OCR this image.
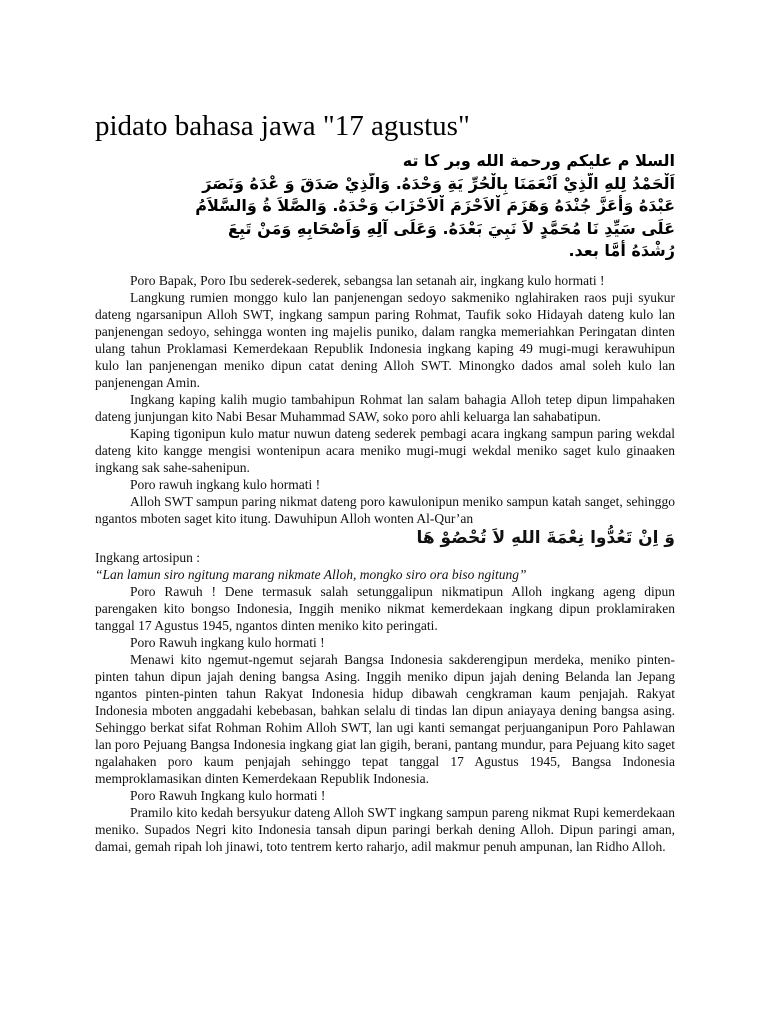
pidato bahasa jawa "17 agustus"
السلا م عليكم ورحمة الله وبر كا ته
اَلْحَمْدُ لِلهِ الَّذِيْ اَنْعَمَنَا بِالْحُرِّ يَةِ وَحْدَهُ. وَالَّذِيْ صَدَقَ وَ عْدَهُ وَنَصَرَ
عَبْدَهُ وَأَعَزَّ جُنْدَهُ وَهَزَمَ اْلاَحْزَمَ اْلاَحْزَابَ وَحْدَهُ. وَالصَّلاَ ةُ وَالسَّلاَمُ
عَلَى سَيِّدِ نَا مُحَمَّدٍ لاَ نَبِيَ بَعْدَهُ. وَعَلَى آلِهِ وَاَصْحَابِهِ وَمَنْ تَبِعَ
رُشْدَهُ أَمَّا بعد.

Poro Bapak, Poro Ibu sederek-sederek, sebangsa lan setanah air, ingkang kulo hormati !

Langkung rumien monggo kulo lan panjenengan sedoyo sakmeniko nglahiraken raos puji syukur dateng ngarsanipun Alloh SWT, ingkang sampun paring Rohmat, Taufik soko Hidayah dateng kulo lan panjenengan sedoyo, sehingga wonten ing majelis puniko, dalam rangka memeriahkan Peringatan dinten ulang tahun Proklamasi Kemerdekaan Republik Indonesia ingkang kaping 49 mugi-mugi kerawuhipun kulo lan panjenengan meniko dipun catat dening Alloh SWT. Minongko dados amal soleh kulo lan panjenengan Amin.

Ingkang kaping kalih mugio tambahipun Rohmat lan salam bahagia Alloh tetep dipun limpahaken dateng junjungan kito Nabi Besar Muhammad SAW, soko poro ahli keluarga lan sahabatipun.

Kaping tigonipun kulo matur nuwun dateng sederek pembagi acara ingkang sampun paring wekdal dateng kito kangge mengisi wontenipun acara meniko mugi-mugi wekdal meniko saget kulo ginaaken ingkang sak sahe-sahenipun.

Poro rawuh ingkang kulo hormati !

Alloh SWT sampun paring nikmat dateng poro kawulonipun meniko sampun katah sanget, sehinggo ngantos mboten saget kito itung. Dawuhipun Alloh wonten Al-Qur’an

وَ اِنْ تَعُدُّوا نِعْمَةَ اللهِ لاَ تُحْصُوْ هَا

Ingkang artosipun :

“Lan lamun siro ngitung marang nikmate Alloh, mongko siro ora biso ngitung”

Poro Rawuh ! Dene termasuk salah setunggalipun nikmatipun Alloh ingkang ageng dipun parengaken kito bongso Indonesia, Inggih meniko nikmat kemerdekaan ingkang dipun proklamiraken tanggal 17 Agustus 1945, ngantos dinten meniko kito peringati.

Poro Rawuh ingkang kulo hormati !

Menawi kito ngemut-ngemut sejarah Bangsa Indonesia sakderengipun merdeka, meniko pinten-pinten tahun dipun jajah dening bangsa Asing. Inggih meniko dipun jajah dening Belanda lan Jepang ngantos pinten-pinten tahun Rakyat Indonesia hidup dibawah cengkraman kaum penjajah. Rakyat Indonesia mboten anggadahi kebebasan, bahkan selalu di tindas lan dipun aniayaya dening bangsa asing. Sehinggo berkat sifat Rohman Rohim Alloh SWT, lan ugi kanti semangat perjuanganipun Poro Pahlawan lan poro Pejuang Bangsa Indonesia ingkang giat lan gigih, berani, pantang mundur, para Pejuang kito saget ngalahaken poro kaum penjajah sehinggo tepat tanggal 17 Agustus 1945, Bangsa Indonesia memproklamasikan dinten Kemerdekaan Republik Indonesia.

Poro Rawuh Ingkang kulo hormati !

Pramilo kito kedah bersyukur dateng Alloh SWT ingkang sampun pareng nikmat Rupi kemerdekaan meniko. Supados Negri kito Indonesia tansah dipun paringi berkah dening Alloh. Dipun paringi aman, damai, gemah ripah loh jinawi, toto tentrem kerto raharjo, adil makmur penuh ampunan, lan Ridho Alloh.
